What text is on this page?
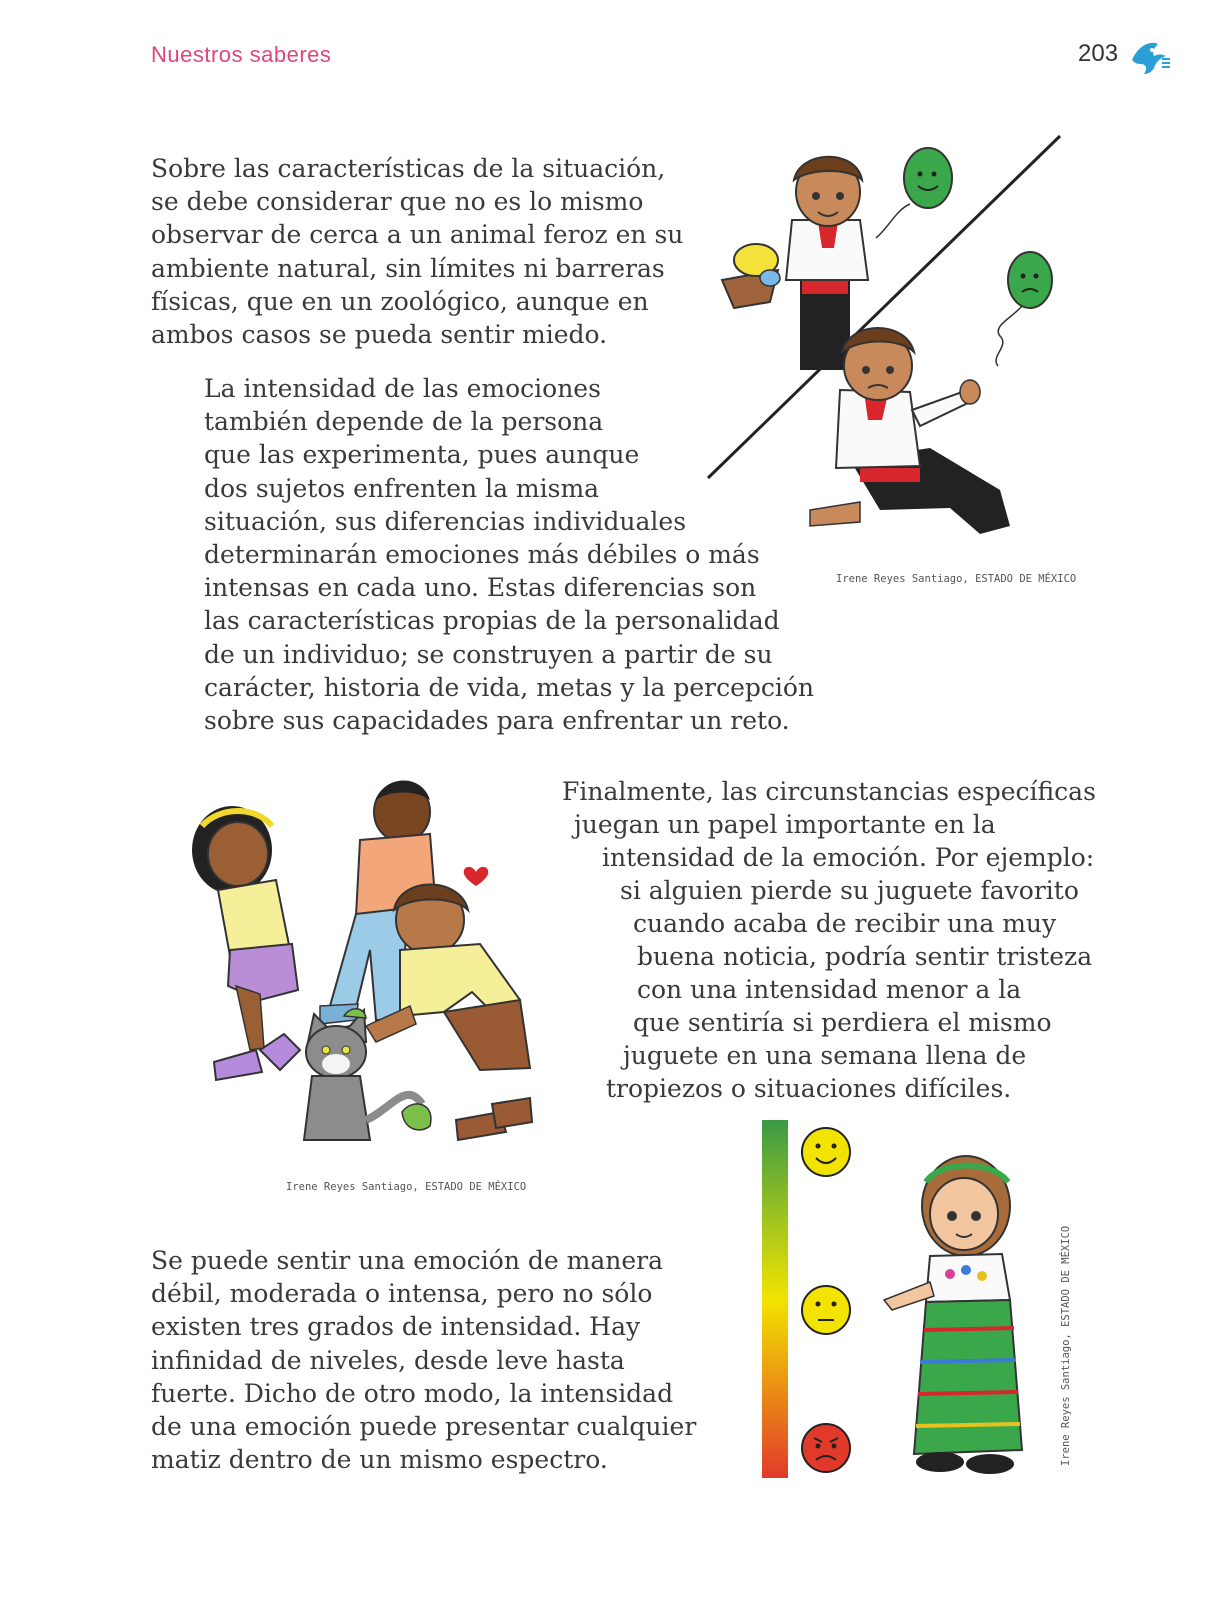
Nuestros saberes	203
Sobre las características de la situación,
se debe considerar que no es lo mismo
observar de cerca a un animal feroz en su
ambiente natural, sin límites ni barreras
físicas, que en un zoológico, aunque en
ambos casos se pueda sentir miedo.
La intensidad de las emociones
también depende de la persona
que las experimenta, pues aunque
dos sujetos enfrenten la misma
situación, sus diferencias individuales
determinarán emociones más débiles o más
intensas en cada uno. Estas diferencias son
las características propias de la personalidad
de un individuo; se construyen a partir de su
carácter, historia de vida, metas y la percepción
sobre sus capacidades para enfrentar un reto.
Finalmente, las circunstancias específicas
juegan un papel importante en la
intensidad de la emoción. Por ejemplo:
si alguien pierde su juguete favorito
cuando acaba de recibir una muy
buena noticia, podría sentir tristeza
con una intensidad menor a la
que sentiría si perdiera el mismo
juguete en una semana llena de
tropiezos o situaciones difíciles.
Se puede sentir una emoción de manera
débil, moderada o intensa, pero no sólo
existen tres grados de intensidad. Hay
infinidad de niveles, desde leve hasta
fuerte. Dicho de otro modo, la intensidad
de una emoción puede presentar cualquier
matiz dentro de un mismo espectro.
Irene Reyes Santiago, ESTADO DE MÉXICO
Irene Reyes Santiago, ESTADO DE MÉXICO
Irene Reyes Santiago, ESTADO DE MÉXICO
